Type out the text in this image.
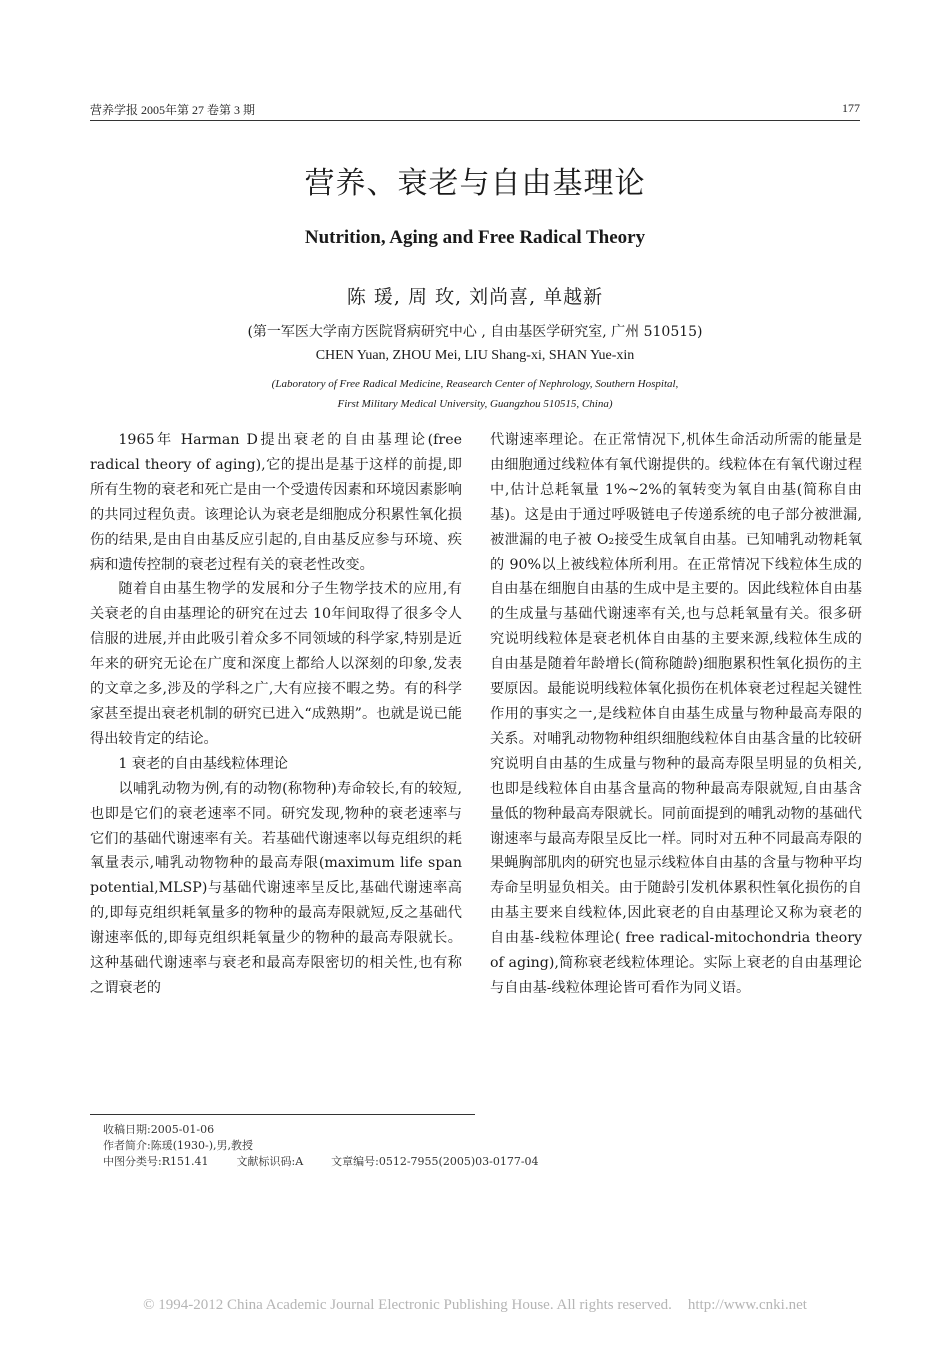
营养学报 2005年第 27 卷第 3 期	177
营养、衰老与自由基理论
Nutrition, Aging and Free Radical Theory
陈 瑗, 周 玫, 刘尚喜, 单越新
(第一军医大学南方医院肾病研究中心 , 自由基医学研究室, 广州 510515)
CHEN Yuan, ZHOU Mei, LIU Shang-xi, SHAN Yue-xin
(Laboratory of Free Radical Medicine, Reasearch Center of Nephrology, Southern Hospital,
First Military Medical University, Guangzhou 510515, China)

1965年 Harman D提出衰老的自由基理论(free radical theory of aging),它的提出是基于这样的前提,即所有生物的衰老和死亡是由一个受遗传因素和环境因素影响的共同过程负责。该理论认为衰老是细胞成分积累性氧化损伤的结果,是由自由基反应引起的,自由基反应参与环境、疾病和遗传控制的衰老过程有关的衰老性改变。

随着自由基生物学的发展和分子生物学技术的应用,有关衰老的自由基理论的研究在过去 10年间取得了很多令人信服的进展,并由此吸引着众多不同领域的科学家,特别是近年来的研究无论在广度和深度上都给人以深刻的印象,发表的文章之多,涉及的学科之广,大有应接不暇之势。有的科学家甚至提出衰老机制的研究已进入“成熟期”。也就是说已能得出较肯定的结论。

1 衰老的自由基线粒体理论

以哺乳动物为例,有的动物(称物种)寿命较长,有的较短,也即是它们的衰老速率不同。研究发现,物种的衰老速率与它们的基础代谢速率有关。若基础代谢速率以每克组织的耗氧量表示,哺乳动物物种的最高寿限(maximum life span potential,MLSP)与基础代谢速率呈反比,基础代谢速率高的,即每克组织耗氧量多的物种的最高寿限就短,反之基础代谢速率低的,即每克组织耗氧量少的物种的最高寿限就长。这种基础代谢速率与衰老和最高寿限密切的相关性,也有称之谓衰老的

代谢速率理论。在正常情况下,机体生命活动所需的能量是由细胞通过线粒体有氧代谢提供的。线粒体在有氧代谢过程中,估计总耗氧量 1%~2%的氧转变为氧自由基(简称自由基)。这是由于通过呼吸链电子传递系统的电子部分被泄漏,被泄漏的电子被 O₂接受生成氧自由基。已知哺乳动物耗氧的 90%以上被线粒体所利用。在正常情况下线粒体生成的自由基在细胞自由基的生成中是主要的。因此线粒体自由基的生成量与基础代谢速率有关,也与总耗氧量有关。很多研究说明线粒体是衰老机体自由基的主要来源,线粒体生成的自由基是随着年龄增长(简称随龄)细胞累积性氧化损伤的主要原因。最能说明线粒体氧化损伤在机体衰老过程起关键性作用的事实之一,是线粒体自由基生成量与物种最高寿限的关系。对哺乳动物物种组织细胞线粒体自由基含量的比较研究说明自由基的生成量与物种的最高寿限呈明显的负相关,也即是线粒体自由基含量高的物种最高寿限就短,自由基含量低的物种最高寿限就长。同前面提到的哺乳动物的基础代谢速率与最高寿限呈反比一样。同时对五种不同最高寿限的果蝇胸部肌肉的研究也显示线粒体自由基的含量与物种平均寿命呈明显负相关。由于随龄引发机体累积性氧化损伤的自由基主要来自线粒体,因此衰老的自由基理论又称为衰老的自由基-线粒体理论( free radical-mitochondria theory of aging),简称衰老线粒体理论。实际上衰老的自由基理论与自由基-线粒体理论皆可看作为同义语。

收稿日期:2005-01-06
作者简介:陈瑗(1930-),男,教授
中图分类号:R151.41	文献标识码:A	文章编号:0512-7955(2005)03-0177-04
© 1994-2012 China Academic Journal Electronic Publishing House. All rights reserved. http://www.cnki.net
